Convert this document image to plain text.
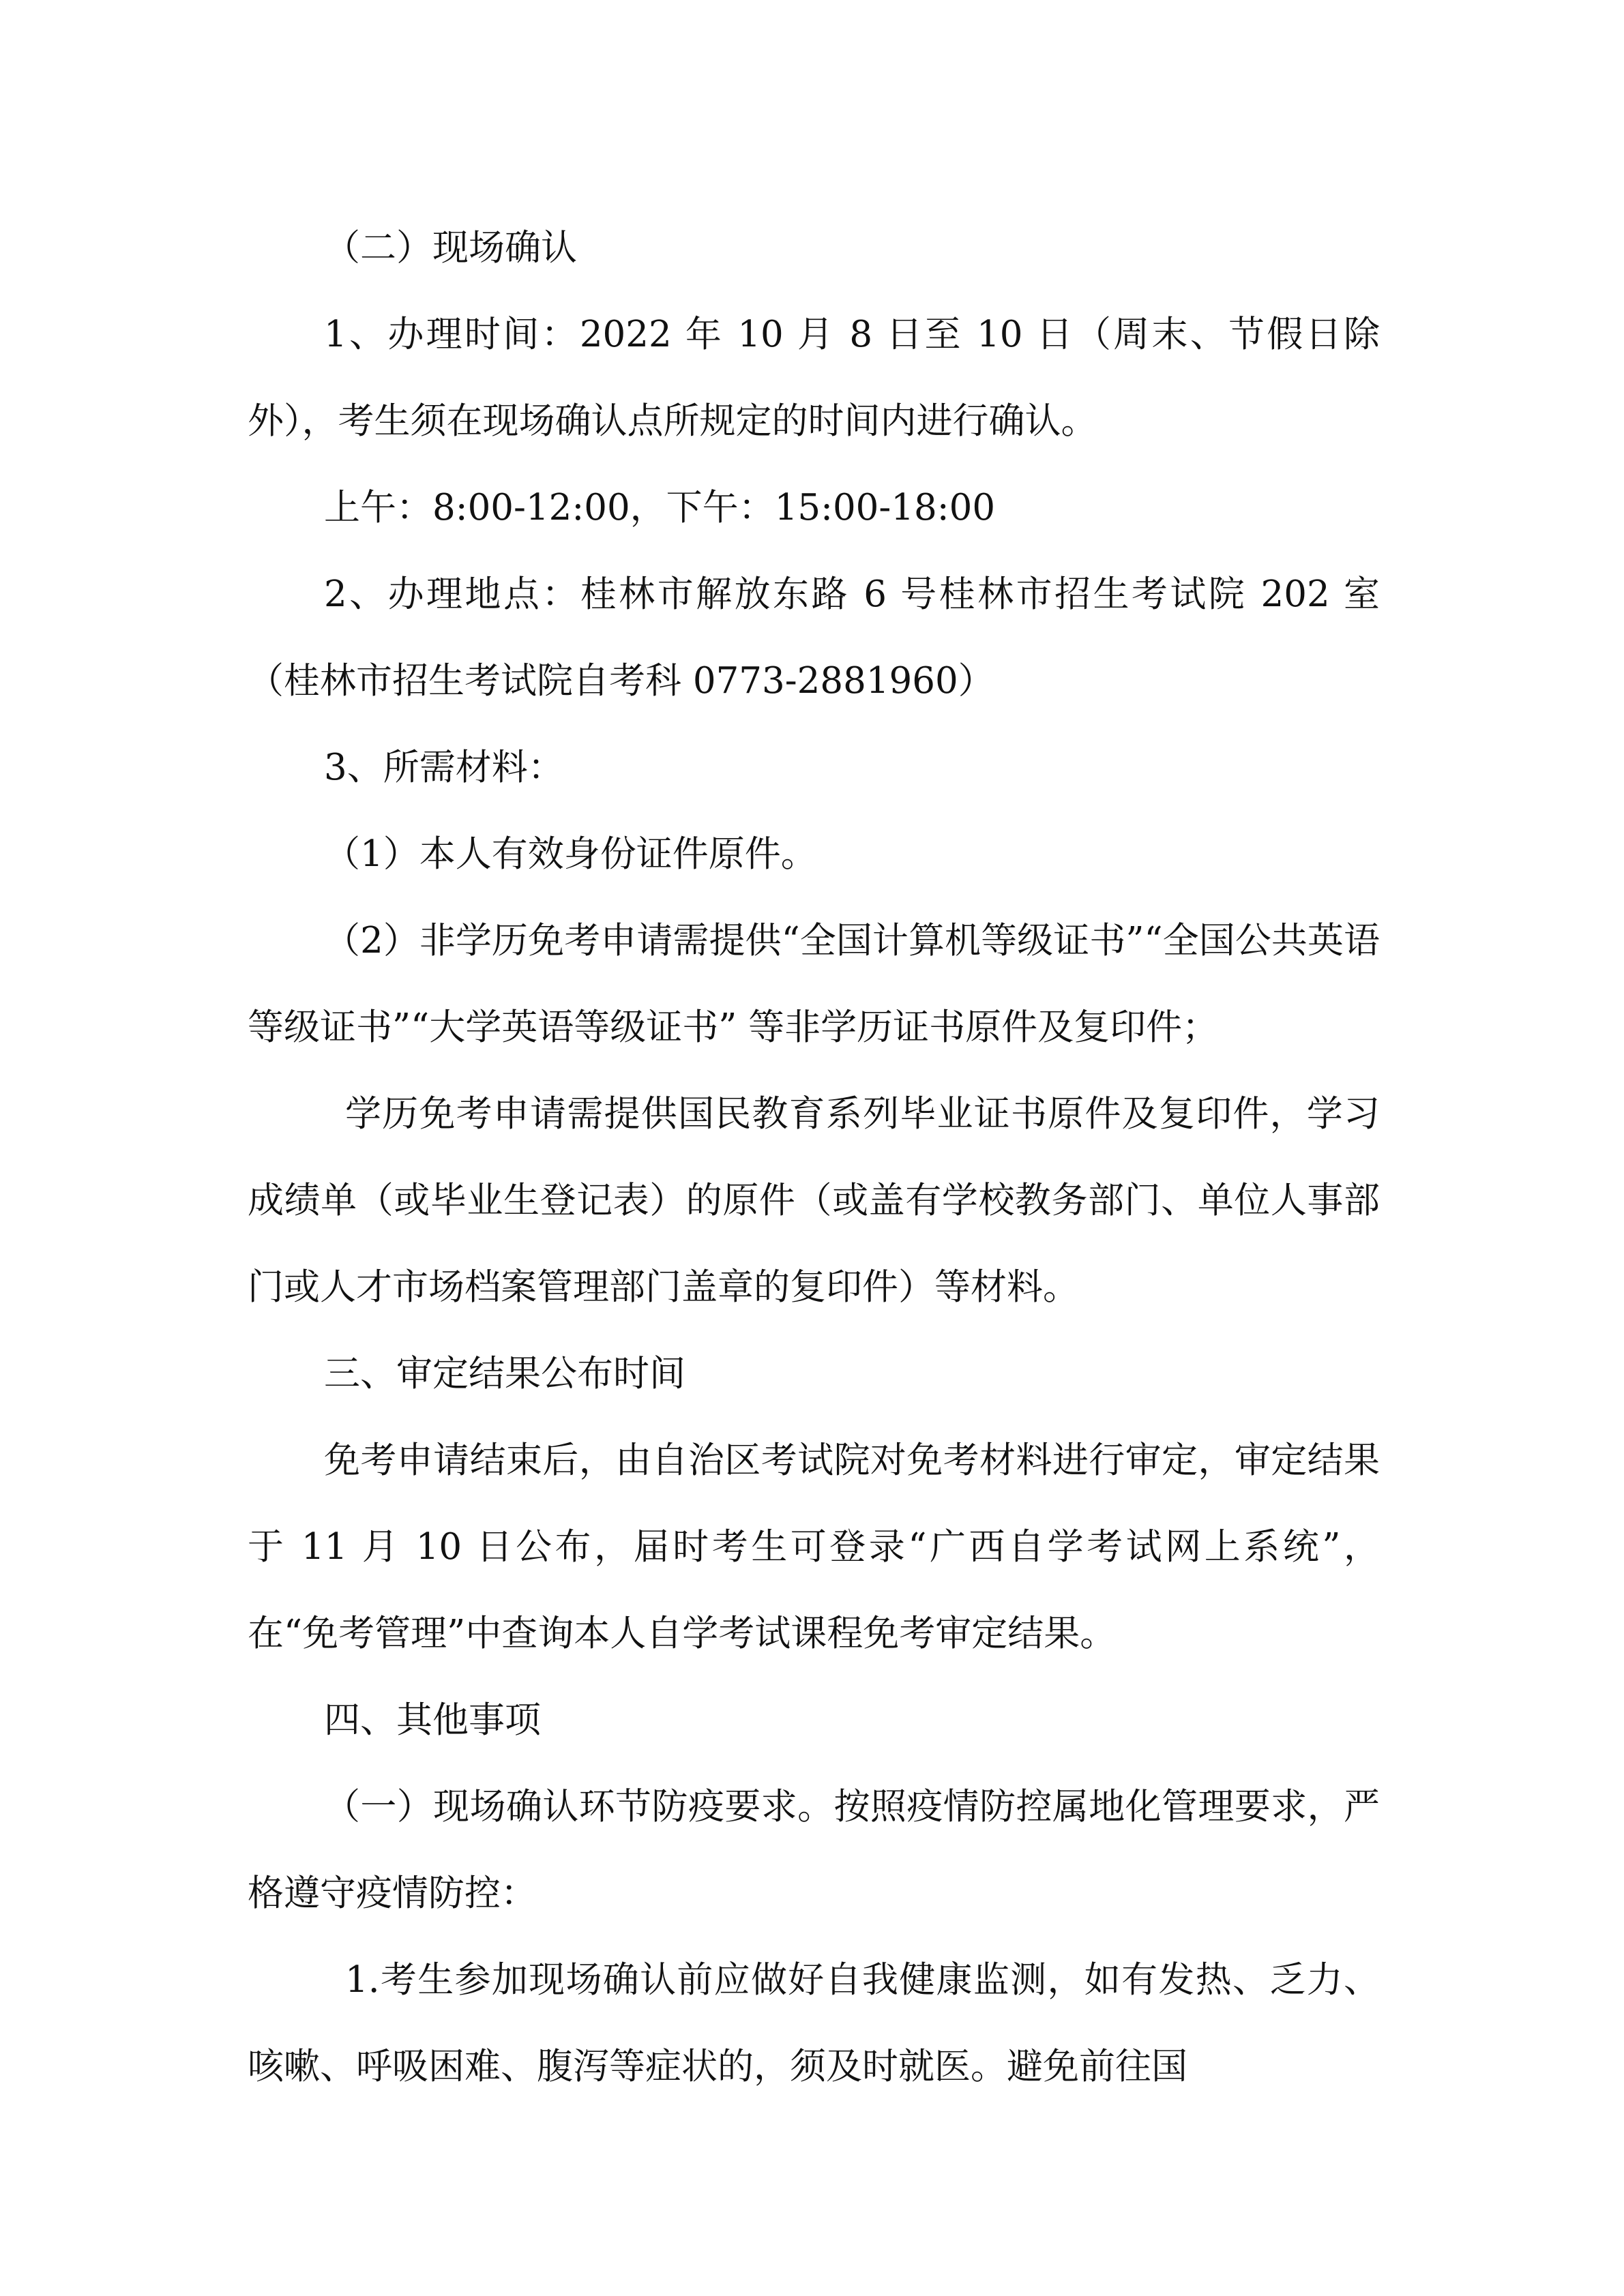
（二）现场确认

1、办理时间：2022 年 10 月 8 日至 10 日（周末、节假日除外），考生须在现场确认点所规定的时间内进行确认。

上午：8:00-12:00，下午：15:00-18:00

2、办理地点：桂林市解放东路 6 号桂林市招生考试院 202 室（桂林市招生考试院自考科 0773-2881960）

3、所需材料：

（1）本人有效身份证件原件。

（2）非学历免考申请需提供“全国计算机等级证书”“全国公共英语等级证书”“大学英语等级证书” 等非学历证书原件及复印件；

学历免考申请需提供国民教育系列毕业证书原件及复印件，学习成绩单（或毕业生登记表）的原件（或盖有学校教务部门、单位人事部门或人才市场档案管理部门盖章的复印件）等材料。

三、审定结果公布时间

免考申请结束后，由自治区考试院对免考材料进行审定，审定结果于 11 月 10 日公布，届时考生可登录“广西自学考试网上系统”，在“免考管理”中查询本人自学考试课程免考审定结果。

四、其他事项

（一）现场确认环节防疫要求。按照疫情防控属地化管理要求，严格遵守疫情防控：

1.考生参加现场确认前应做好自我健康监测，如有发热、乏力、咳嗽、呼吸困难、腹泻等症状的，须及时就医。避免前往国
